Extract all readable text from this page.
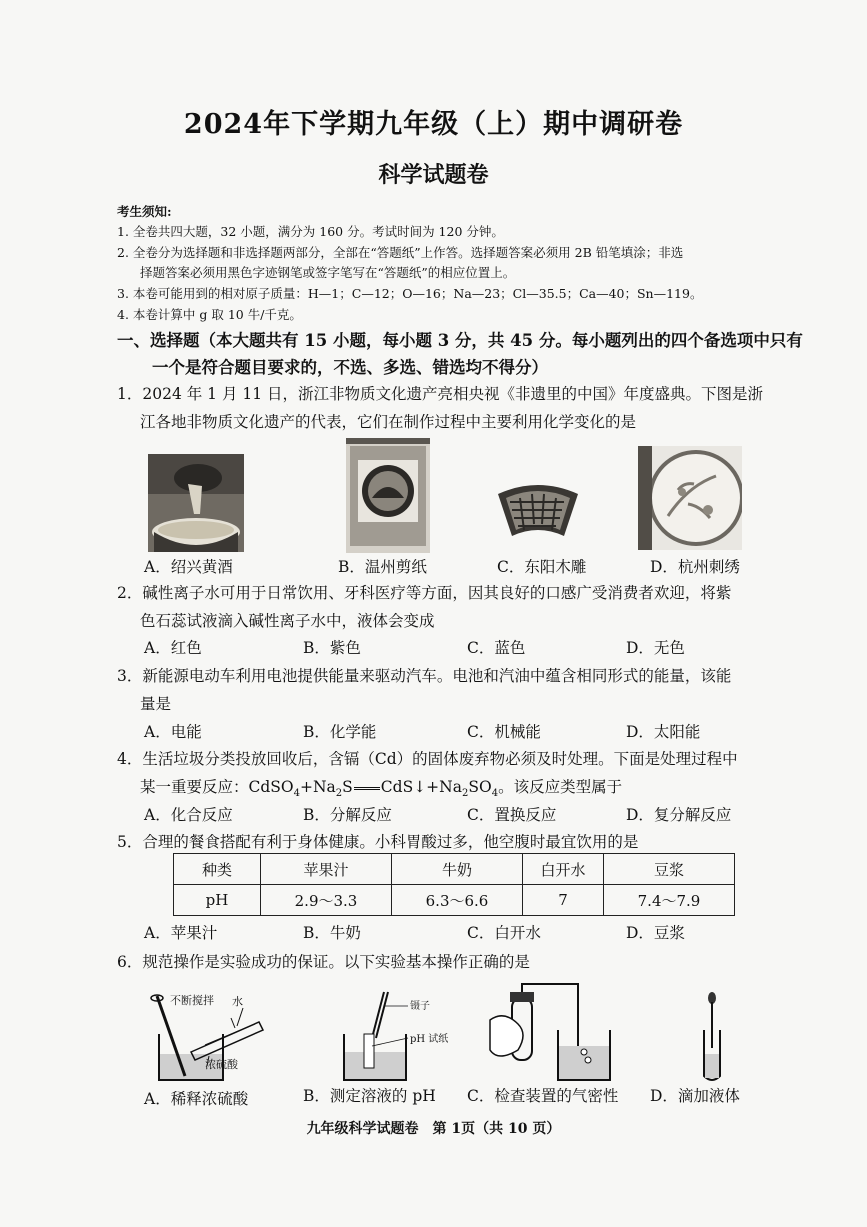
2024年下学期九年级（上）期中调研卷
科学试题卷
考生须知:
1. 全卷共四大题，32 小题，满分为 160 分。考试时间为 120 分钟。
2. 全卷分为选择题和非选择题两部分，全部在“答题纸”上作答。选择题答案必须用 2B 铅笔填涂；非选
择题答案必须用黑色字迹钢笔或签字笔写在“答题纸”的相应位置上。
3. 本卷可能用到的相对原子质量：H—1；C—12；O—16；Na—23；Cl—35.5；Ca—40；Sn—119。
4. 本卷计算中 g 取 10 牛/千克。
一、选择题（本大题共有 15 小题，每小题 3 分，共 45 分。每小题列出的四个备选项中只有
一个是符合题目要求的，不选、多选、错选均不得分）
1．2024 年 1 月 11 日，浙江非物质文化遗产亮相央视《非遗里的中国》年度盛典。下图是浙
江各地非物质文化遗产的代表，它们在制作过程中主要利用化学变化的是
A．绍兴黄酒	B．温州剪纸	C．东阳木雕	D．杭州刺绣
2．碱性离子水可用于日常饮用、牙科医疗等方面，因其良好的口感广受消费者欢迎，将紫
色石蕊试液滴入碱性离子水中，液体会变成
A．红色	B．紫色	C．蓝色	D．无色
3．新能源电动车利用电池提供能量来驱动汽车。电池和汽油中蕴含相同形式的能量，该能
量是
A．电能	B．化学能	C．机械能	D．太阳能
4．生活垃圾分类投放回收后，含镉（Cd）的固体废弃物必须及时处理。下面是处理过程中
某一重要反应：$CdSO_4+Na_2S$ $CdS↓+Na_2SO_4$。该反应类型属于
A．化合反应	B．分解反应	C．置换反应	D．复分解反应
5．合理的餐食搭配有利于身体健康。小科胃酸过多，他空腹时最宜饮用的是
种类	苹果汁	牛奶	白开水	豆浆
pH	2.9～3.3	6.3～6.6	7	7.4～7.9
A．苹果汁	B．牛奶	C．白开水	D．豆浆
6．规范操作是实验成功的保证。以下实验基本操作正确的是
不断搅拌 水
浓硫酸
镊子
pH 试纸
A．稀释浓硫酸	B．测定溶液的 pH C．检查装置的气密性 D．滴加液体
九年级科学试题卷　第 1页（共 10 页）
